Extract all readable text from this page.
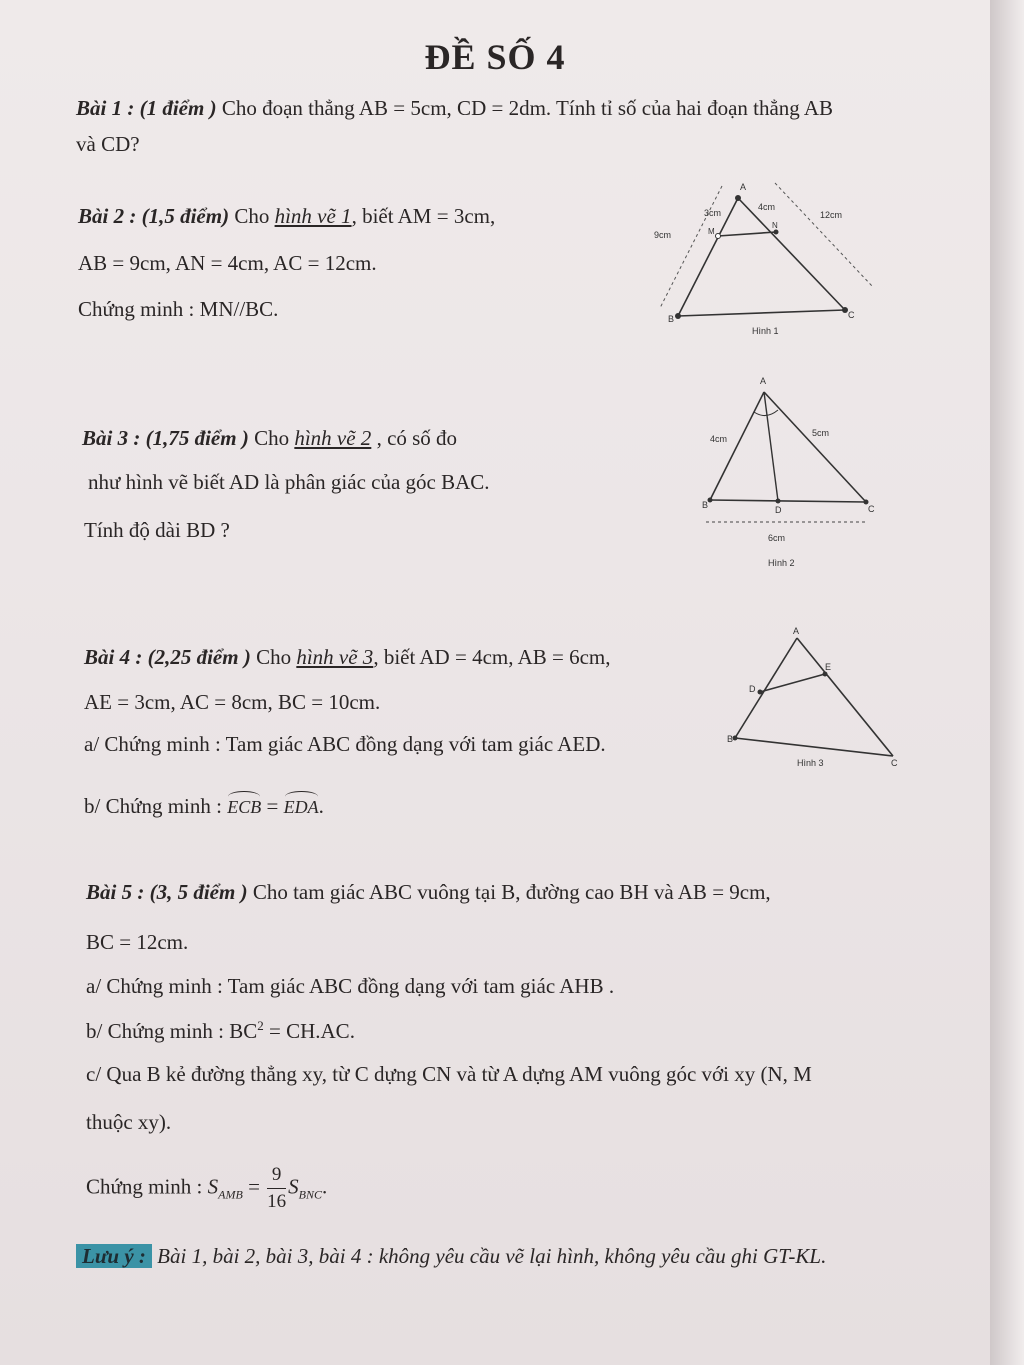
ĐỀ SỐ 4
Bài 1 : (1 điểm ) Cho đoạn thẳng AB = 5cm, CD = 2dm. Tính tỉ số của hai đoạn thẳng AB
và CD?
Bài 2 : (1,5 điểm) Cho hình vẽ 1, biết AM = 3cm,
AB = 9cm, AN = 4cm, AC = 12cm.
Chứng minh : MN//BC.
A
B	C
M
N
3cm
4cm
9cm
12cm
Hình 1
Bài 3 : (1,75 điểm ) Cho hình vẽ 2 , có số đo
như hình vẽ biết AD là phân giác của góc BAC.
Tính độ dài BD ?
A
B	C
D
4cm
5cm
6cm
Hình 2
Bài 4 : (2,25 điểm ) Cho hình vẽ 3, biết AD = 4cm, AB = 6cm,
AE = 3cm, AC = 8cm, BC = 10cm.
a/ Chứng minh : Tam giác ABC đồng dạng với tam giác AED.
b/ Chứng minh : ECB = EDA.
A
B
C
D
E
Hình 3
Bài 5 : (3, 5 điểm ) Cho tam giác ABC vuông tại B, đường cao BH và AB = 9cm,
BC = 12cm.
a/ Chứng minh : Tam giác ABC đồng dạng với tam giác AHB .
b/ Chứng minh : $BC^2 = CH.AC$.
c/ Qua B kẻ đường thẳng xy, từ C dựng CN và từ A dựng AM vuông góc với xy (N, M
thuộc xy).
Chứng minh : $S_{AMB} = \frac{9}{16} S_{BNC}$.
Lưu ý : Bài 1, bài 2, bài 3, bài 4 : không yêu cầu vẽ lại hình, không yêu cầu ghi GT-KL.
